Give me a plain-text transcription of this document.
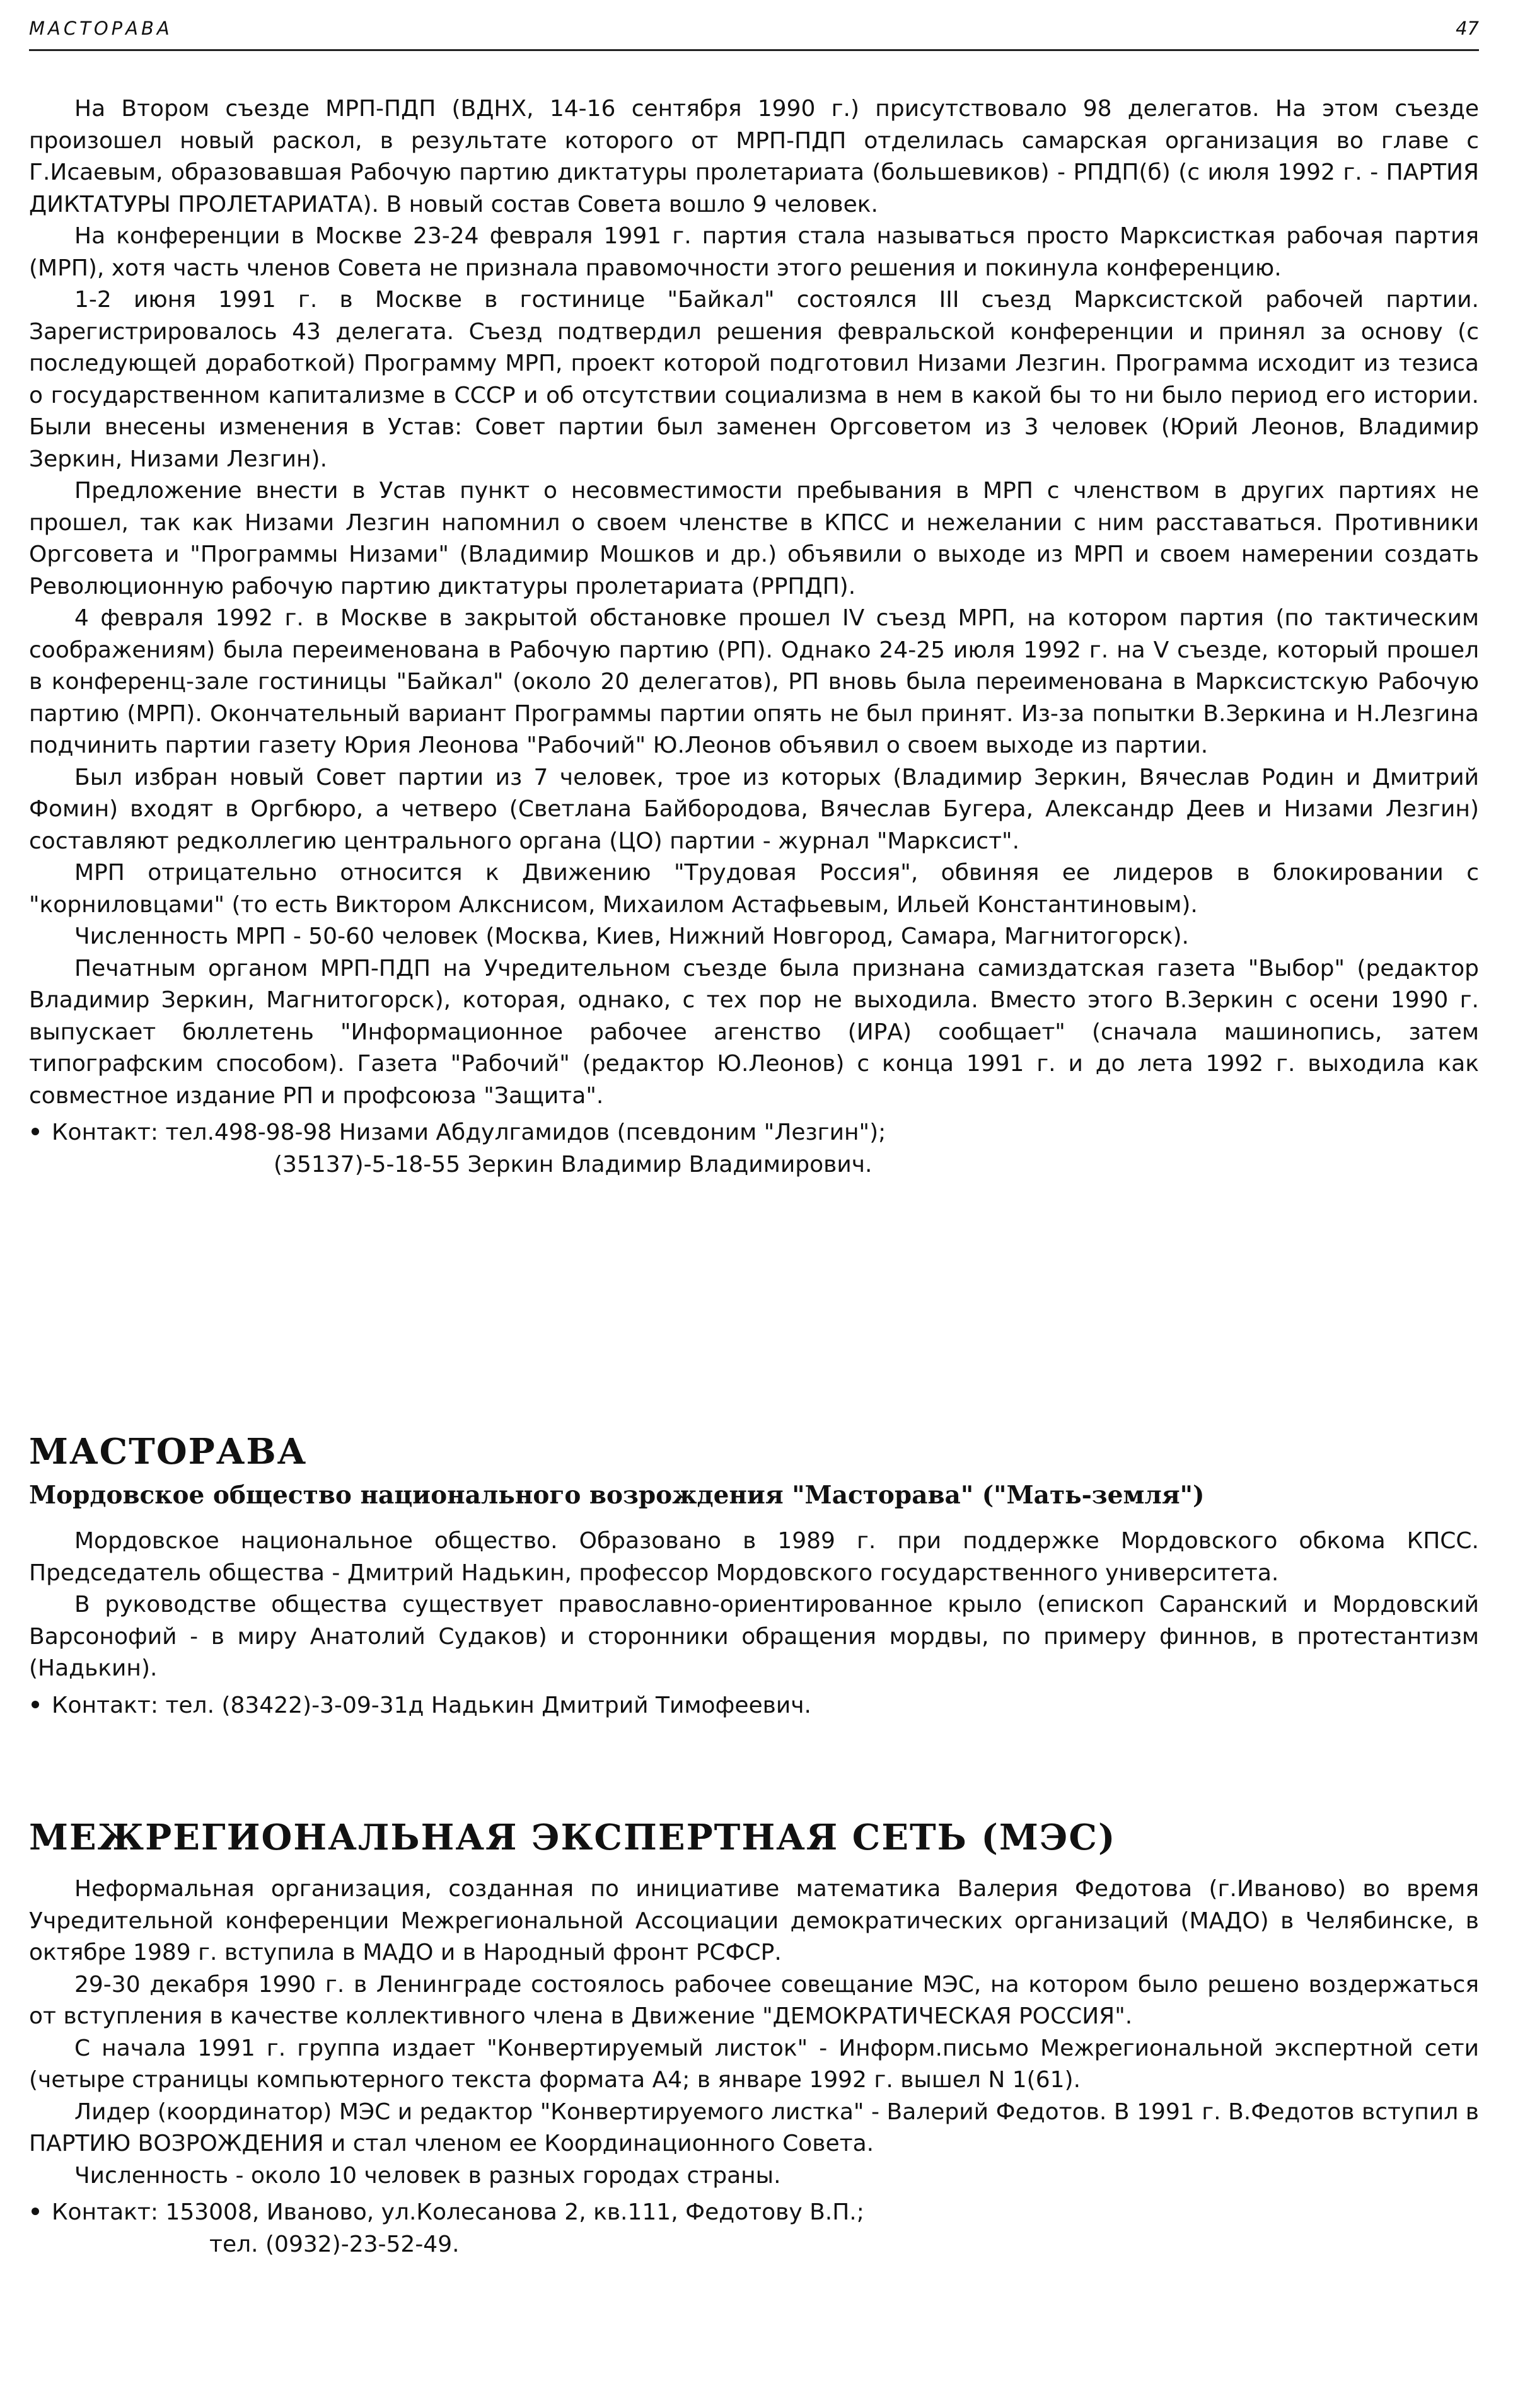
МАСТОРАВА	47

На Втором съезде МРП-ПДП (ВДНХ, 14-16 сентября 1990 г.) присутствовало 98 делегатов. На этом съезде произошел новый раскол, в результате которого от МРП-ПДП отделилась самарская организация во главе с Г.Исаевым, образовавшая Рабочую партию диктатуры пролетариата (большевиков) - РПДП(б) (с июля 1992 г. - ПАРТИЯ ДИКТАТУРЫ ПРОЛЕТАРИАТА). В новый состав Совета вошло 9 человек.

На конференции в Москве 23-24 февраля 1991 г. партия стала называться просто Марксисткая рабочая партия (МРП), хотя часть членов Совета не признала правомочности этого решения и покинула конференцию.

1-2 июня 1991 г. в Москве в гостинице "Байкал" состоялся III съезд Марксистской рабочей партии. Зарегистрировалось 43 делегата. Съезд подтвердил решения февральской конференции и принял за основу (с последующей доработкой) Программу МРП, проект которой подготовил Низами Лезгин. Программа исходит из тезиса о государственном капитализме в СССР и об отсутствии социализма в нем в какой бы то ни было период его истории. Были внесены изменения в Устав: Совет партии был заменен Оргсоветом из 3 человек (Юрий Леонов, Владимир Зеркин, Низами Лезгин).

Предложение внести в Устав пункт о несовместимости пребывания в МРП с членством в других партиях не прошел, так как Низами Лезгин напомнил о своем членстве в КПСС и нежелании с ним расставаться. Противники Оргсовета и "Программы Низами" (Владимир Мошков и др.) объявили о выходе из МРП и своем намерении создать Революционную рабочую партию диктатуры пролетариата (РРПДП).

4 февраля 1992 г. в Москве в закрытой обстановке прошел IV съезд МРП, на котором партия (по тактическим соображениям) была переименована в Рабочую партию (РП). Однако 24-25 июля 1992 г. на V съезде, который прошел в конференц-зале гостиницы "Байкал" (около 20 делегатов), РП вновь была переименована в Марксистскую Рабочую партию (МРП). Окончательный вариант Программы партии опять не был принят. Из-за попытки В.Зеркина и Н.Лезгина подчинить партии газету Юрия Леонова "Рабочий" Ю.Леонов объявил о своем выходе из партии.

Был избран новый Совет партии из 7 человек, трое из которых (Владимир Зеркин, Вячеслав Родин и Дмитрий Фомин) входят в Оргбюро, а четверо (Светлана Байбородова, Вячеслав Бугера, Александр Деев и Низами Лезгин) составляют редколлегию центрального органа (ЦО) партии - журнал "Марксист".

МРП отрицательно относится к Движению "Трудовая Россия", обвиняя ее лидеров в блокировании с "корниловцами" (то есть Виктором Алкснисом, Михаилом Астафьевым, Ильей Константиновым).

Численность МРП - 50-60 человек (Москва, Киев, Нижний Новгород, Самара, Магнитогорск).

Печатным органом МРП-ПДП на Учредительном съезде была признана самиздатская газета "Выбор" (редактор Владимир Зеркин, Магнитогорск), которая, однако, с тех пор не выходила. Вместо этого В.Зеркин с осени 1990 г. выпускает бюллетень "Информационное рабочее агенство (ИРА) сообщает" (сначала машинопись, затем типографским способом). Газета "Рабочий" (редактор Ю.Леонов) с конца 1991 г. и до лета 1992 г. выходила как совместное издание РП и профсоюза "Защита".

Контакт: тел.498-98-98 Низами Абдулгамидов (псевдоним "Лезгин");
(35137)-5-18-55 Зеркин Владимир Владимирович.
МАСТОРАВА
Мордовское общество национального возрождения "Масторава" ("Мать-земля")

Мордовское национальное общество. Образовано в 1989 г. при поддержке Мордовского обкома КПСС. Председатель общества - Дмитрий Надькин, профессор Мордовского государственного университета.

В руководстве общества существует православно-ориентированное крыло (епископ Саранский и Мордовский Варсонофий - в миру Анатолий Судаков) и сторонники обращения мордвы, по примеру финнов, в протестантизм (Надькин).

Контакт: тел. (83422)-3-09-31д Надькин Дмитрий Тимофеевич.
МЕЖРЕГИОНАЛЬНАЯ ЭКСПЕРТНАЯ СЕТЬ (МЭС)

Неформальная организация, созданная по инициативе математика Валерия Федотова (г.Иваново) во время Учредительной конференции Межрегиональной Ассоциации демократических организаций (МАДО) в Челябинске, в октябре 1989 г. вступила в МАДО и в Народный фронт РСФСР.

29-30 декабря 1990 г. в Ленинграде состоялось рабочее совещание МЭС, на котором было решено воздержаться от вступления в качестве коллективного члена в Движение "ДЕМОКРАТИЧЕСКАЯ РОССИЯ".

С начала 1991 г. группа издает "Конвертируемый листок" - Информ.письмо Межрегиональной экспертной сети (четыре страницы компьютерного текста формата А4; в январе 1992 г. вышел N 1(61).

Лидер (координатор) МЭС и редактор "Конвертируемого листка" - Валерий Федотов. В 1991 г. В.Федотов вступил в ПАРТИЮ ВОЗРОЖДЕНИЯ и стал членом ее Координационного Совета.

Численность - около 10 человек в разных городах страны.

Контакт: 153008, Иваново, ул.Колесанова 2, кв.111, Федотову В.П.;
тел. (0932)-23-52-49.
